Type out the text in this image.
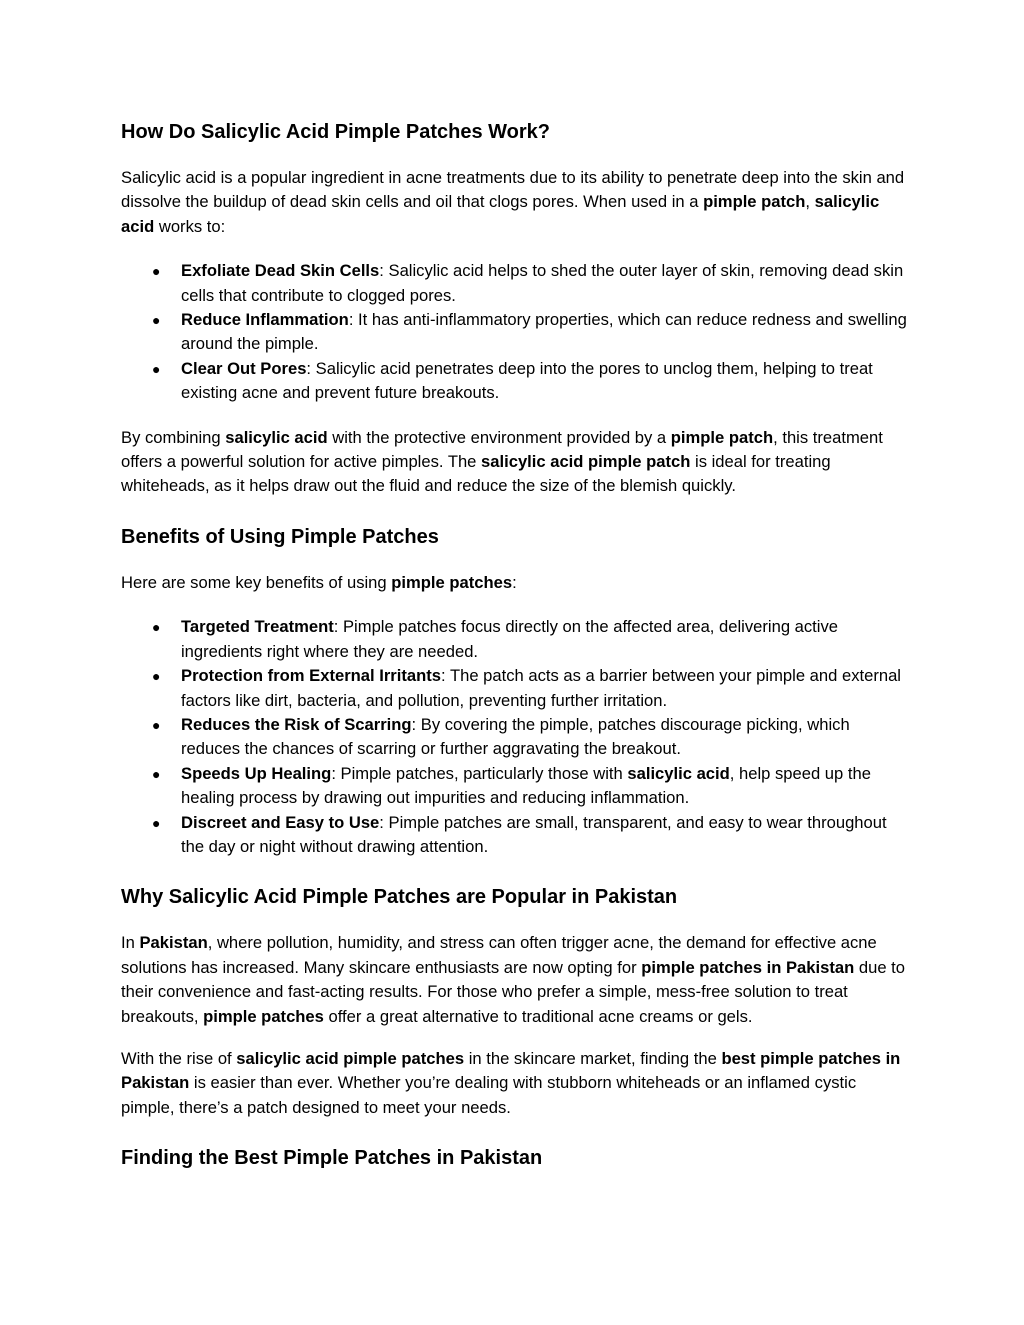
How Do Salicylic Acid Pimple Patches Work?

Salicylic acid is a popular ingredient in acne treatments due to its ability to penetrate deep into the skin and dissolve the buildup of dead skin cells and oil that clogs pores. When used in a pimple patch, salicylic acid works to:

● Exfoliate Dead Skin Cells: Salicylic acid helps to shed the outer layer of skin, removing dead skin cells that contribute to clogged pores.
● Reduce Inflammation: It has anti-inflammatory properties, which can reduce redness and swelling around the pimple.
● Clear Out Pores: Salicylic acid penetrates deep into the pores to unclog them, helping to treat existing acne and prevent future breakouts.

By combining salicylic acid with the protective environment provided by a pimple patch, this treatment offers a powerful solution for active pimples. The salicylic acid pimple patch is ideal for treating whiteheads, as it helps draw out the fluid and reduce the size of the blemish quickly.

Benefits of Using Pimple Patches

Here are some key benefits of using pimple patches:

● Targeted Treatment: Pimple patches focus directly on the affected area, delivering active ingredients right where they are needed.
● Protection from External Irritants: The patch acts as a barrier between your pimple and external factors like dirt, bacteria, and pollution, preventing further irritation.
● Reduces the Risk of Scarring: By covering the pimple, patches discourage picking, which reduces the chances of scarring or further aggravating the breakout.
● Speeds Up Healing: Pimple patches, particularly those with salicylic acid, help speed up the healing process by drawing out impurities and reducing inflammation.
● Discreet and Easy to Use: Pimple patches are small, transparent, and easy to wear throughout the day or night without drawing attention.
Why Salicylic Acid Pimple Patches are Popular in Pakistan

In Pakistan, where pollution, humidity, and stress can often trigger acne, the demand for effective acne solutions has increased. Many skincare enthusiasts are now opting for pimple patches in Pakistan due to their convenience and fast-acting results. For those who prefer a simple, mess-free solution to treat breakouts, pimple patches offer a great alternative to traditional acne creams or gels.

With the rise of salicylic acid pimple patches in the skincare market, finding the best pimple patches in Pakistan is easier than ever. Whether you’re dealing with stubborn whiteheads or an inflamed cystic pimple, there’s a patch designed to meet your needs.

Finding the Best Pimple Patches in Pakistan
